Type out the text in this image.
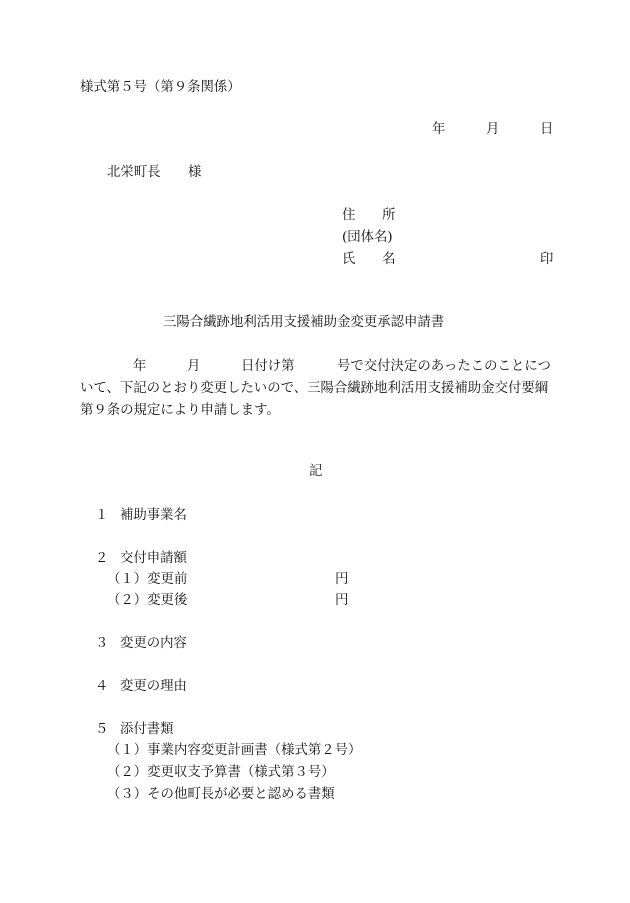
様式第５号（第９条関係）
年	月	日
北栄町長 様
住　　所
(団体名)
氏　　名	印
三陽合繊跡地利活用支援補助金変更承認申請書
年	月	日付け第	号で交付決定のあったこのことにつ
いて、下記のとおり変更したいので、三陽合繊跡地利活用支援補助金交付要綱
第９条の規定により申請します。
記
１ 補助事業名
２ 交付申請額
（１）変更前	円
（２）変更後	円
３ 変更の内容
４ 変更の理由
５ 添付書類
（１）事業内容変更計画書（様式第２号）
（２）変更収支予算書（様式第３号）
（３）その他町長が必要と認める書類
